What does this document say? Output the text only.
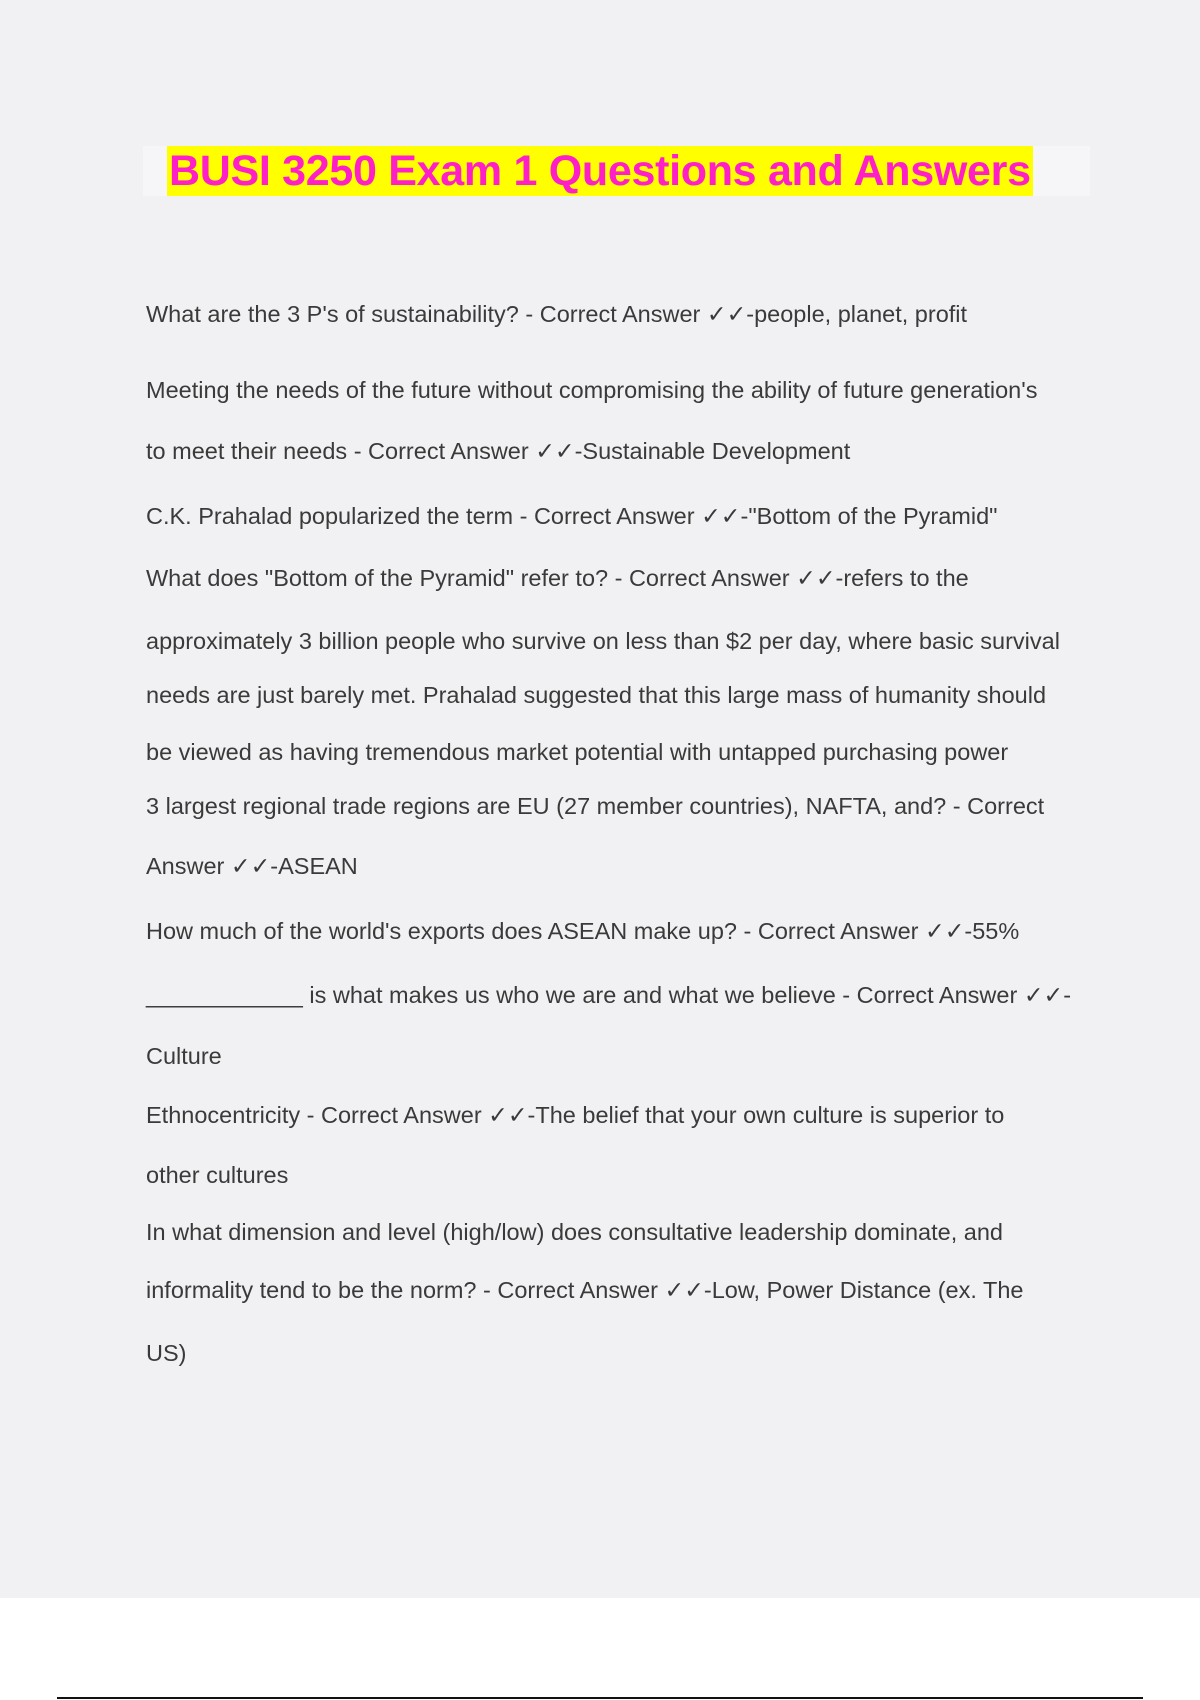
BUSI 3250 Exam 1 Questions and Answers
What are the 3 P's of sustainability? - Correct Answer ✓✓-people, planet, profit
Meeting the needs of the future without compromising the ability of future generation's
to meet their needs - Correct Answer ✓✓-Sustainable Development
C.K. Prahalad popularized the term - Correct Answer ✓✓-"Bottom of the Pyramid"
What does "Bottom of the Pyramid" refer to? - Correct Answer ✓✓-refers to the
approximately 3 billion people who survive on less than $2 per day, where basic survival
needs are just barely met. Prahalad suggested that this large mass of humanity should
be viewed as having tremendous market potential with untapped purchasing power
3 largest regional trade regions are EU (27 member countries), NAFTA, and? - Correct
Answer ✓✓-ASEAN
How much of the world's exports does ASEAN make up? - Correct Answer ✓✓-55%
____________ is what makes us who we are and what we believe - Correct Answer ✓✓-
Culture
Ethnocentricity - Correct Answer ✓✓-The belief that your own culture is superior to
other cultures
In what dimension and level (high/low) does consultative leadership dominate, and
informality tend to be the norm? - Correct Answer ✓✓-Low, Power Distance (ex. The
US)
